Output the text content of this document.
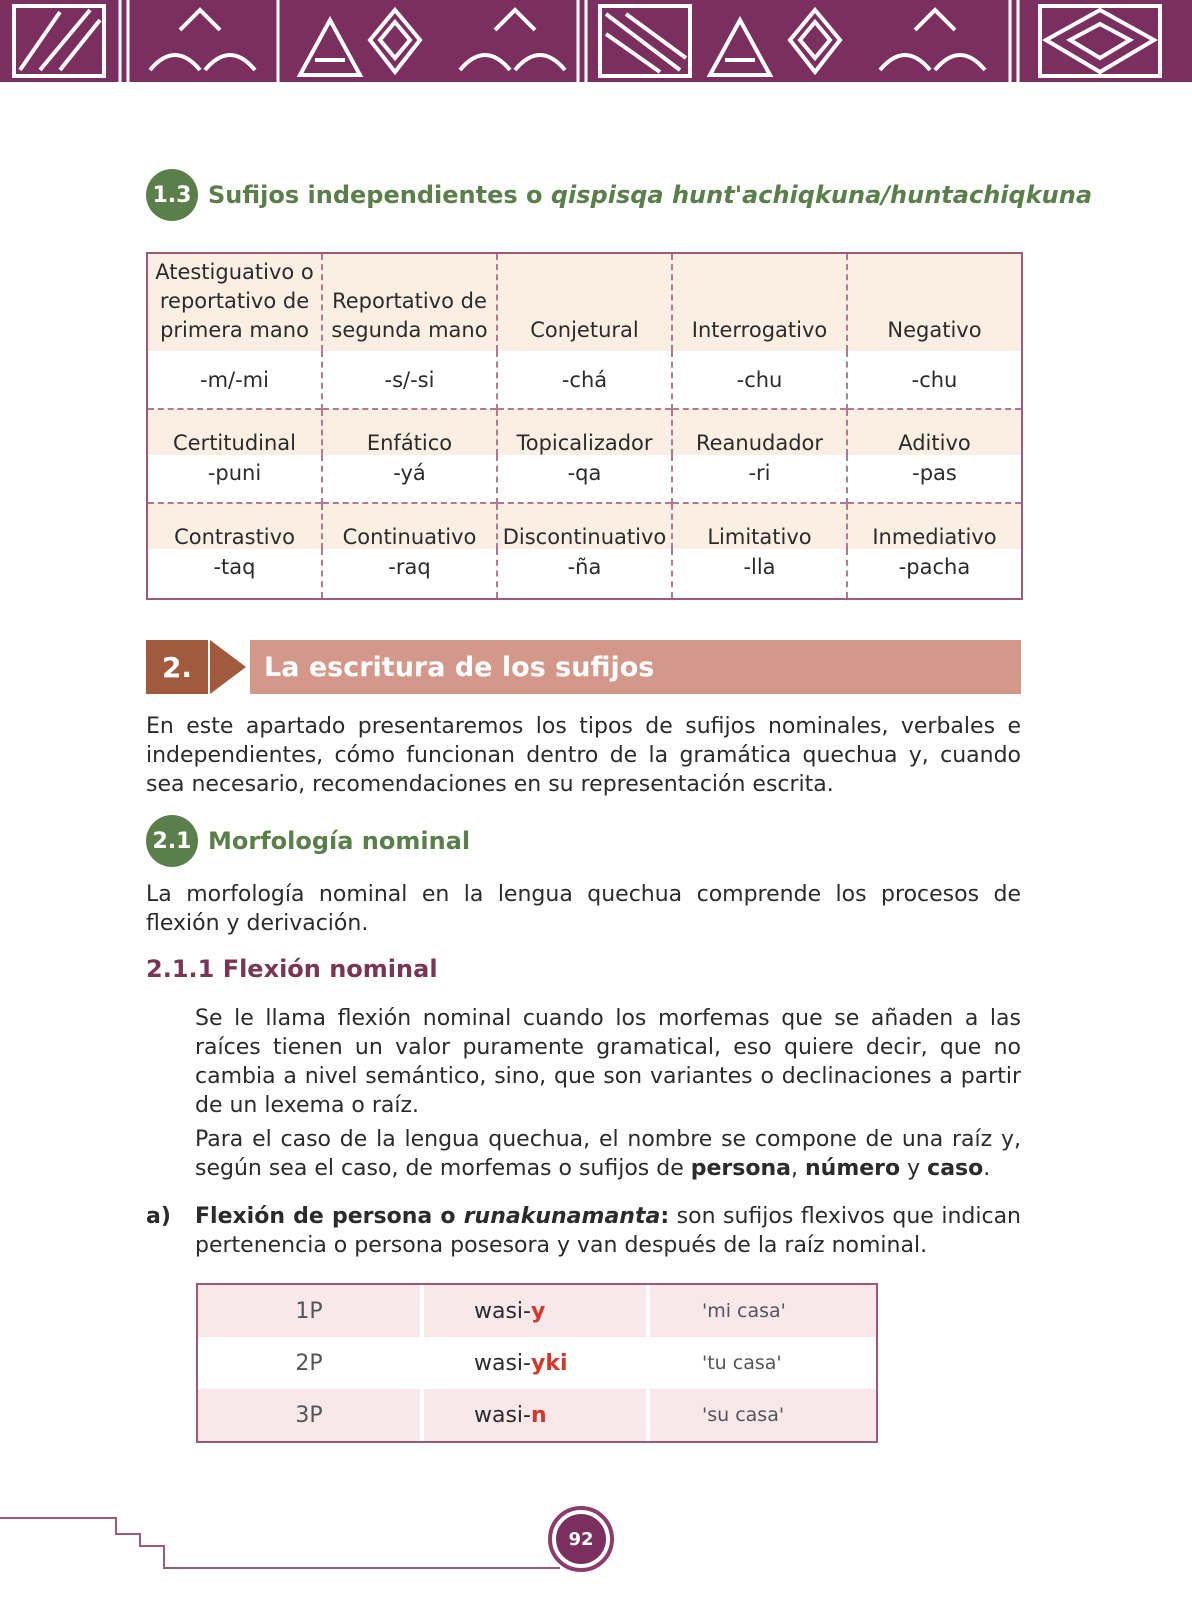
1.3 Sufijos independientes o qispisqa hunt'achiqkuna/huntachiqkuna
Atestiguativo o reportativo de primera mano	Reportativo de segunda mano	Conjetural	Interrogativo	Negativo
-m/-mi	-s/-si	-chá	-chu	-chu
Certitudinal	Enfático	Topicalizador	Reanudador	Aditivo
-puni	-yá	-qa	-ri	-pas
Contrastivo	Continuativo	Discontinuativo	Limitativo	Inmediativo
-taq	-raq	-ña	-lla	-pacha
2.	La escritura de los sufijos

En este apartado presentaremos los tipos de sufijos nominales, verbales e independientes, cómo funcionan dentro de la gramática quechua y, cuando sea necesario, recomendaciones en su representación escrita.

2.1 Morfología nominal

La morfología nominal en la lengua quechua comprende los procesos de flexión y derivación.

2.1.1 Flexión nominal

Se le llama flexión nominal cuando los morfemas que se añaden a las raíces tienen un valor puramente gramatical, eso quiere decir, que no cambia a nivel semántico, sino, que son variantes o declinaciones a partir de un lexema o raíz.

Para el caso de la lengua quechua, el nombre se compone de una raíz y, según sea el caso, de morfemas o sufijos de persona, número y caso.

a)	Flexión de persona o runakunamanta: son sufijos flexivos que indican pertenencia o persona posesora y van después de la raíz nominal.
1P	wasi-y	'mi casa'
2P	wasi-yki	'tu casa'
3P	wasi-n	'su casa'
92
